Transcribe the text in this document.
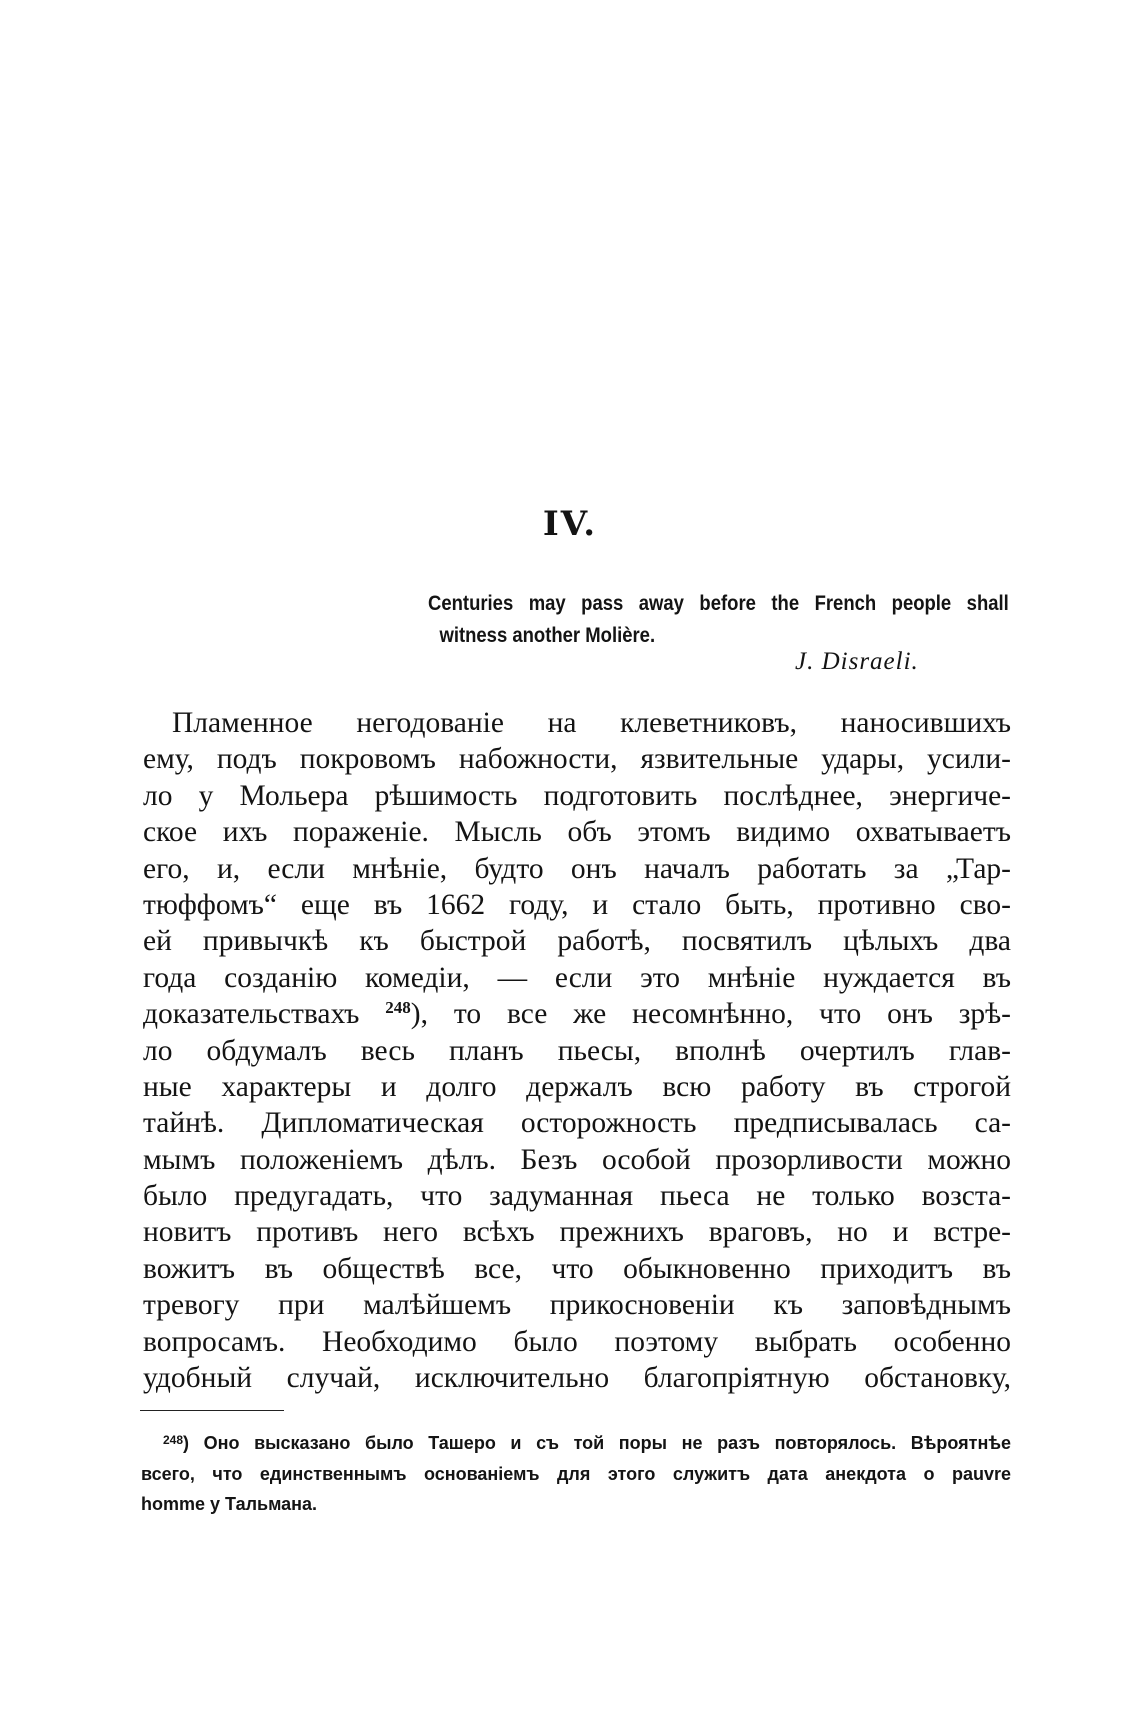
IV.
Centuries may pass away before the French people shall
witness another Molière.
J. Disraeli.
Пламенное негодованіе на клеветниковъ, наносившихъ
ему, подъ покровомъ набожности, язвительные удары, усили-
ло у Мольера рѣшимость подготовить послѣднее, энергиче-
ское ихъ пораженіе. Мысль объ этомъ видимо охватываетъ
его, и, если мнѣніе, будто онъ началъ работать за „Тар-
тюффомъ“ еще въ 1662 году, и стало быть, противно сво-
ей привычкѣ къ быстрой работѣ, посвятилъ цѣлыхъ два
года созданію комедіи, — если это мнѣніе нуждается въ
доказательствахъ $^{248}$), то все же несомнѣнно, что онъ зрѣ-
ло обдумалъ весь планъ пьесы, вполнѣ очертилъ глав-
ные характеры и долго держалъ всю работу въ строгой
тайнѣ. Дипломатическая осторожность предписывалась са-
мымъ положеніемъ дѣлъ. Безъ особой прозорливости можно
было предугадать, что задуманная пьеса не только возста-
новитъ противъ него всѣхъ прежнихъ враговъ, но и встре-
вожитъ въ обществѣ все, что обыкновенно приходитъ въ
тревогу при малѣйшемъ прикосновеніи къ заповѣднымъ
вопросамъ. Необходимо было поэтому выбрать особенно
удобный случай, исключительно благопріятную обстановку,
$^{248}$) Оно высказано было Ташеро и съ той поры не разъ повторялось. Вѣроятнѣе
всего, что единственнымъ основаніемъ для этого служитъ дата анекдота о pauvre
homme у Тальмана.
